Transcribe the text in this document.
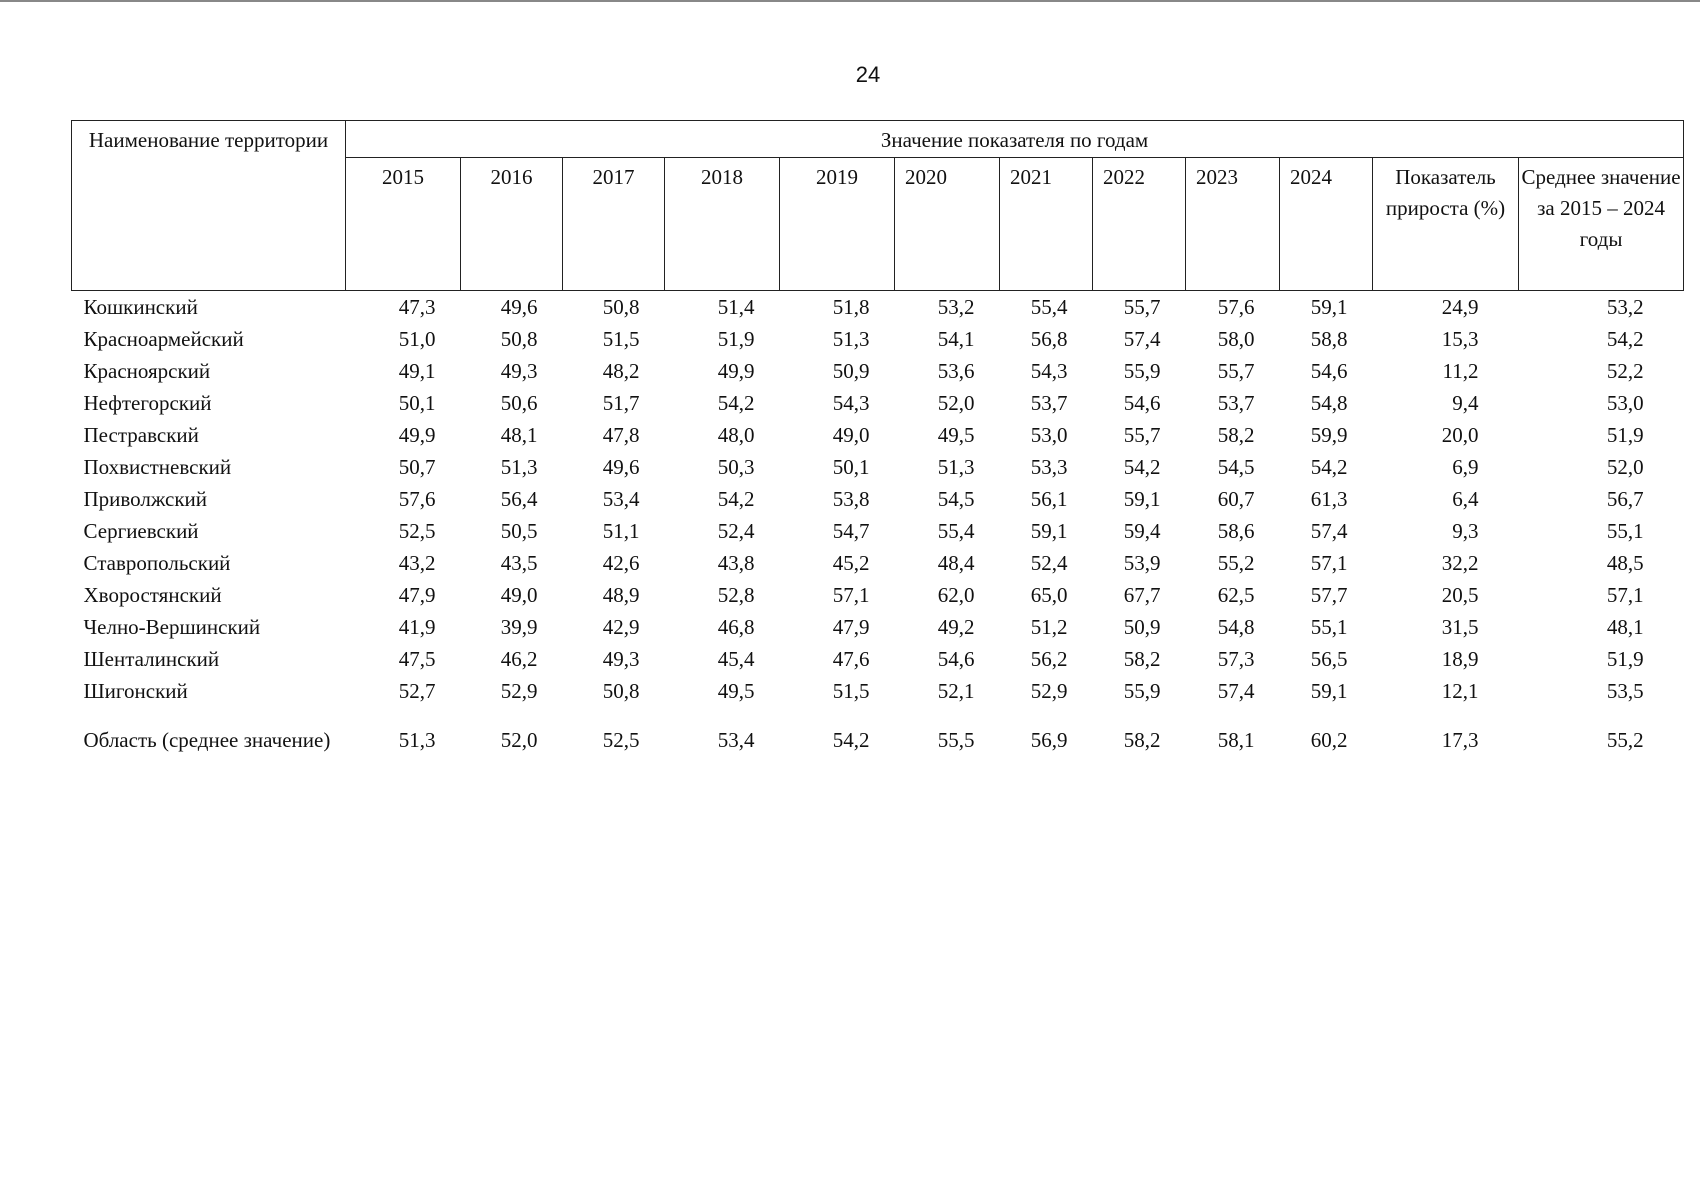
24
Наименование территории	Значение показателя по годам											
	2015	2016	2017	2018	2019	2020	2021	2022	2023	2024	Показатель прироста (%)	Среднее значение за 2015 – 2024 годы
Кошкинский	47,3	49,6	50,8	51,4	51,8	53,2	55,4	55,7	57,6	59,1	24,9	53,2
Красноармейский	51,0	50,8	51,5	51,9	51,3	54,1	56,8	57,4	58,0	58,8	15,3	54,2
Красноярский	49,1	49,3	48,2	49,9	50,9	53,6	54,3	55,9	55,7	54,6	11,2	52,2
Нефтегорский	50,1	50,6	51,7	54,2	54,3	52,0	53,7	54,6	53,7	54,8	9,4	53,0
Пестравский	49,9	48,1	47,8	48,0	49,0	49,5	53,0	55,7	58,2	59,9	20,0	51,9
Похвистневский	50,7	51,3	49,6	50,3	50,1	51,3	53,3	54,2	54,5	54,2	6,9	52,0
Приволжский	57,6	56,4	53,4	54,2	53,8	54,5	56,1	59,1	60,7	61,3	6,4	56,7
Сергиевский	52,5	50,5	51,1	52,4	54,7	55,4	59,1	59,4	58,6	57,4	9,3	55,1
Ставропольский	43,2	43,5	42,6	43,8	45,2	48,4	52,4	53,9	55,2	57,1	32,2	48,5
Хворостянский	47,9	49,0	48,9	52,8	57,1	62,0	65,0	67,7	62,5	57,7	20,5	57,1
Челно-Вершинский	41,9	39,9	42,9	46,8	47,9	49,2	51,2	50,9	54,8	55,1	31,5	48,1
Шенталинский	47,5	46,2	49,3	45,4	47,6	54,6	56,2	58,2	57,3	56,5	18,9	51,9
Шигонский	52,7	52,9	50,8	49,5	51,5	52,1	52,9	55,9	57,4	59,1	12,1	53,5
Область (среднее значение)	51,3	52,0	52,5	53,4	54,2	55,5	56,9	58,2	58,1	60,2	17,3	55,2
